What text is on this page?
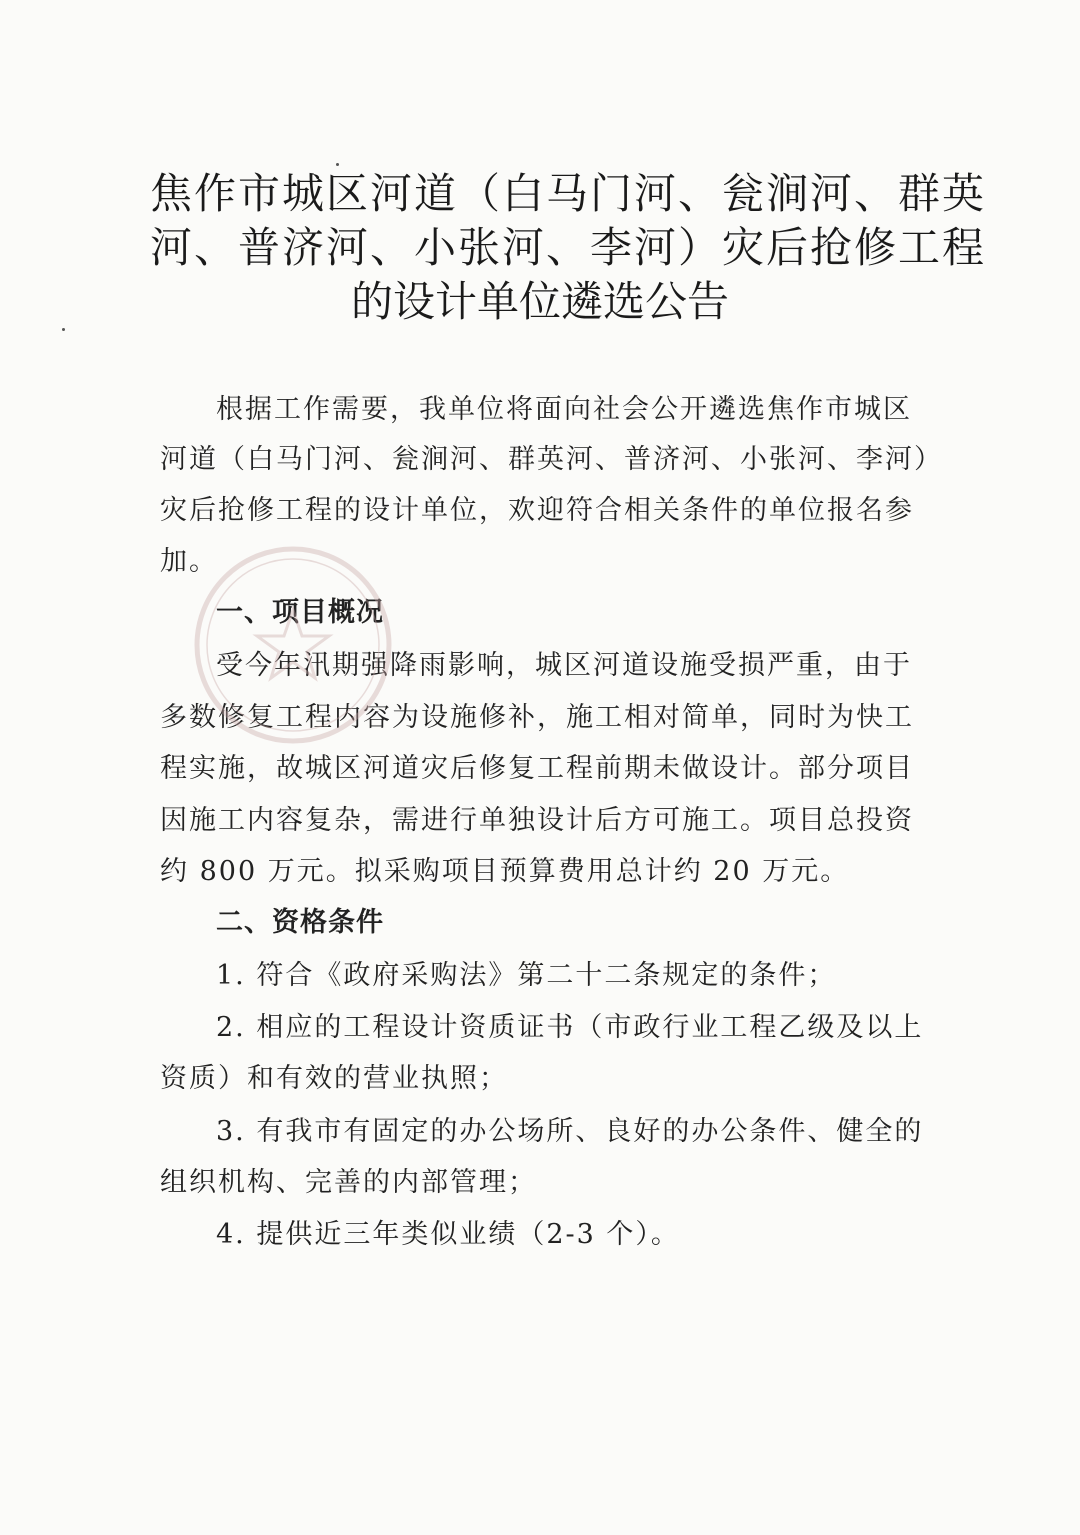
焦作市城区河道（白马门河、瓮涧河、群英
河、普济河、小张河、李河）灾后抢修工程
的设计单位遴选公告
根据工作需要，我单位将面向社会公开遴选焦作市城区
河道（白马门河、瓮涧河、群英河、普济河、小张河、李河）
灾后抢修工程的设计单位，欢迎符合相关条件的单位报名参
加。
一、项目概况
受今年汛期强降雨影响，城区河道设施受损严重，由于
多数修复工程内容为设施修补，施工相对简单，同时为快工
程实施，故城区河道灾后修复工程前期未做设计。部分项目
因施工内容复杂，需进行单独设计后方可施工。项目总投资
约 800 万元。拟采购项目预算费用总计约 20 万元。
二、资格条件
1. 符合《政府采购法》第二十二条规定的条件；
2. 相应的工程设计资质证书（市政行业工程乙级及以上
资质）和有效的营业执照；
3. 有我市有固定的办公场所、良好的办公条件、健全的
组织机构、完善的内部管理；
4. 提供近三年类似业绩（2-3 个）。
